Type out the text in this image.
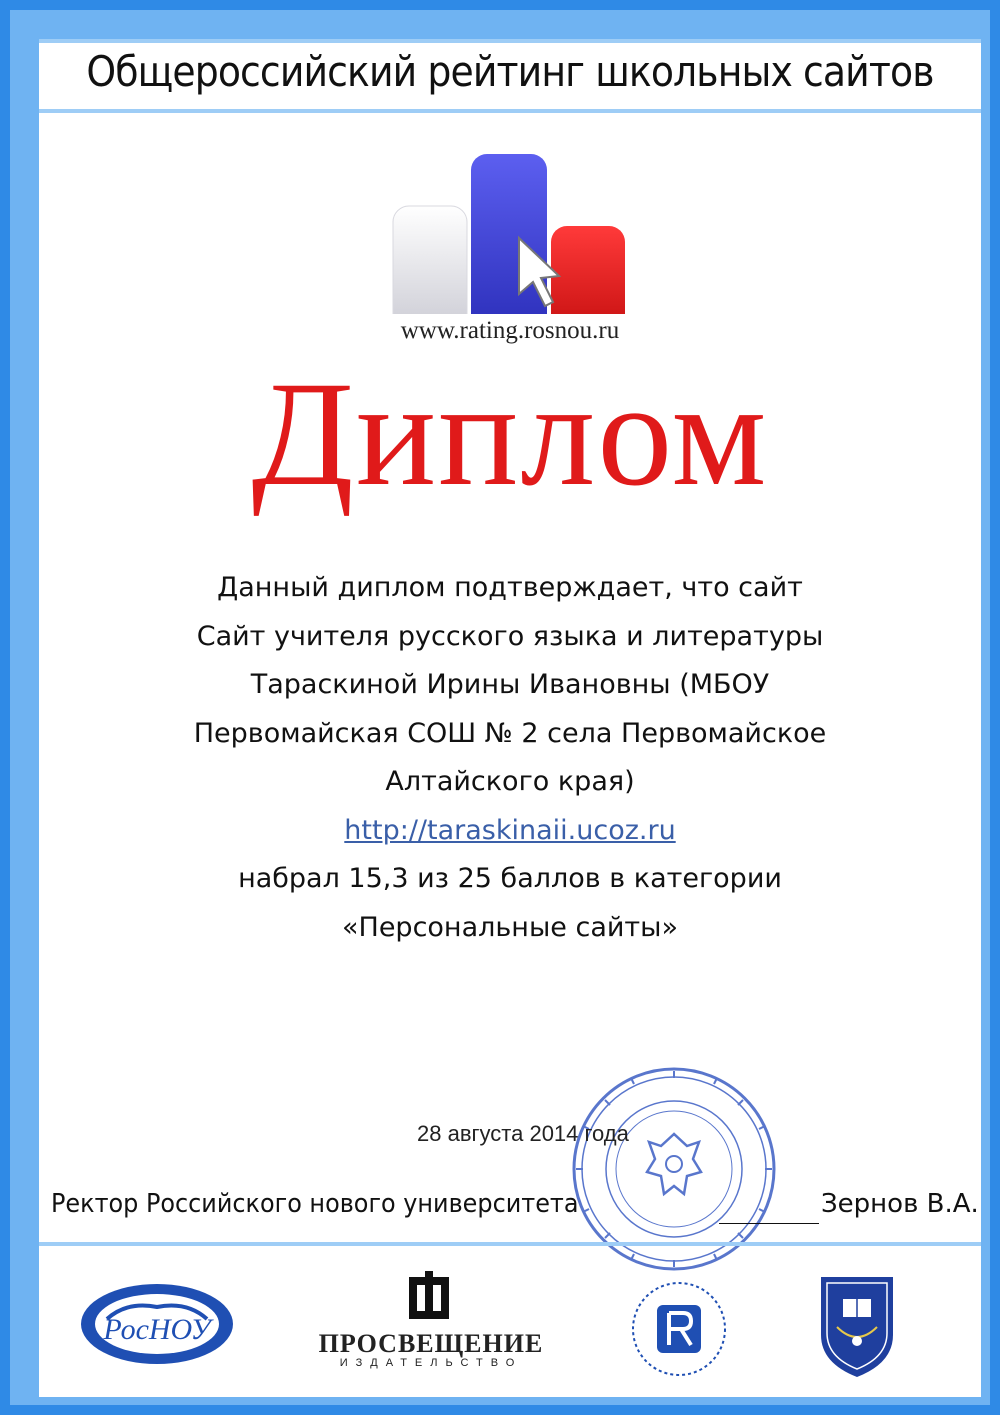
Общероссийский рейтинг школьных сайтов
www.rating.rosnou.ru
Диплом
Данный диплом подтверждает, что сайт
Сайт учителя русского языка и литературы
Тараскиной Ирины Ивановны (МБОУ
Первомайская СОШ № 2 села Первомайское
Алтайского края)
http://taraskinaii.ucoz.ru
набрал 15,3 из 25 баллов в категории
«Персональные сайты»
28 августа 2014 года
Ректор Российского нового университета	Зернов В.А.
РосНОУ	ПРОСВЕЩЕНИЕ
ИЗДАТЕЛЬСТВО
